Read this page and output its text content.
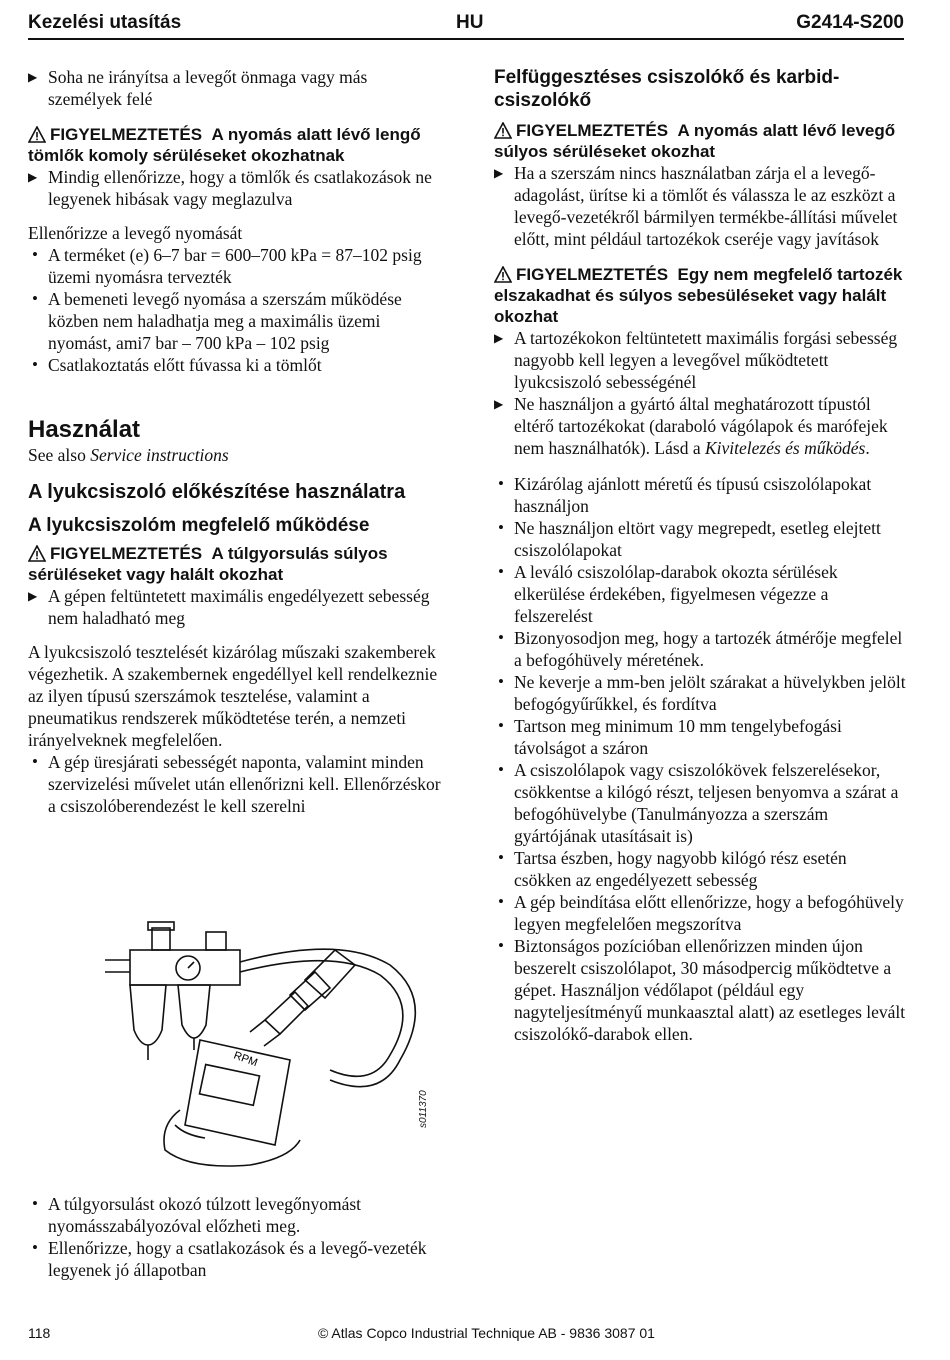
Kezelési utasítás	HU	G2414-S200
▶ Soha ne irányítsa a levegőt önmaga vagy más személyek felé
FIGYELMEZTETÉS A nyomás alatt lévő lengő tömlők komoly sérüléseket okozhatnak
▶ Mindig ellenőrizze, hogy a tömlők és csatlakozások ne legyenek hibásak vagy meglazulva
Ellenőrizze a levegő nyomását
• A terméket (e) 6–7 bar = 600–700 kPa = 87–102 psig üzemi nyomásra tervezték
• A bemeneti levegő nyomása a szerszám működése közben nem haladhatja meg a maximális üzemi nyomást, ami7 bar – 700 kPa – 102 psig
• Csatlakoztatás előtt fúvassa ki a tömlőt
Használat
See also Service instructions
A lyukcsiszoló előkészítése használatra
A lyukcsiszolóm megfelelő működése
FIGYELMEZTETÉS A túlgyorsulás súlyos sérüléseket vagy halált okozhat
▶ A gépen feltüntetett maximális engedélyezett sebesség nem haladható meg
A lyukcsiszoló tesztelését kizárólag műszaki szakemberek végezhetik. A szakembernek engedéllyel kell rendelkeznie az ilyen típusú szerszámok tesztelése, valamint a pneumatikus rendszerek működtetése terén, a nemzeti irányelveknek megfelelően.
• A gép üresjárati sebességét naponta, valamint minden szervizelési művelet után ellenőrizni kell. Ellenőrzéskor a csiszolóberendezést le kell szerelni
RPM
s011370
• A túlgyorsulást okozó túlzott levegőnyomást nyomásszabályozóval előzheti meg.
• Ellenőrizze, hogy a csatlakozások és a levegő-vezeték legyenek jó állapotban
Felfüggesztéses csiszolókő és karbid-csiszolókő
FIGYELMEZTETÉS A nyomás alatt lévő levegő súlyos sérüléseket okozhat
▶ Ha a szerszám nincs használatban zárja el a levegő-adagolást, ürítse ki a tömlőt és válassza le az eszközt a levegő-vezetékről bármilyen termékbe-állítási művelet előtt, mint például tartozékok cseréje vagy javítások
FIGYELMEZTETÉS Egy nem megfelelő tartozék elszakadhat és súlyos sebesüléseket vagy halált okozhat
▶ A tartozékokon feltüntetett maximális forgási sebesség nagyobb kell legyen a levegővel működtetett lyukcsiszoló sebességénél
▶ Ne használjon a gyártó által meghatározott típustól eltérő tartozékokat (daraboló vágólapok és marófejek nem használhatók). Lásd a Kivitelezés és működés.
• Kizárólag ajánlott méretű és típusú csiszolólapokat használjon
• Ne használjon eltört vagy megrepedt, esetleg elejtett csiszolólapokat
• A leváló csiszolólap-darabok okozta sérülések elkerülése érdekében, figyelmesen végezze a felszerelést
• Bizonyosodjon meg, hogy a tartozék átmérője megfelel a befogóhüvely méretének.
• Ne keverje a mm-ben jelölt szárakat a hüvelykben jelölt befogógyűrűkkel, és fordítva
• Tartson meg minimum 10 mm tengelybefogási távolságot a száron
• A csiszolólapok vagy csiszolókövek felszerelésekor, csökkentse a kilógó részt, teljesen benyomva a szárat a befogóhüvelybe (Tanulmányozza a szerszám gyártójának utasításait is)
• Tartsa észben, hogy nagyobb kilógó rész esetén csökken az engedélyezett sebesség
• A gép beindítása előtt ellenőrizze, hogy a befogóhüvely legyen megfelelően megszorítva
• Biztonságos pozícióban ellenőrizzen minden újon beszerelt csiszolólapot, 30 másodpercig működtetve a gépet. Használjon védőlapot (például egy nagyteljesítményű munkaasztal alatt) az esetleges levált csiszolókő-darabok ellen.
118	© Atlas Copco Industrial Technique AB - 9836 3087 01
